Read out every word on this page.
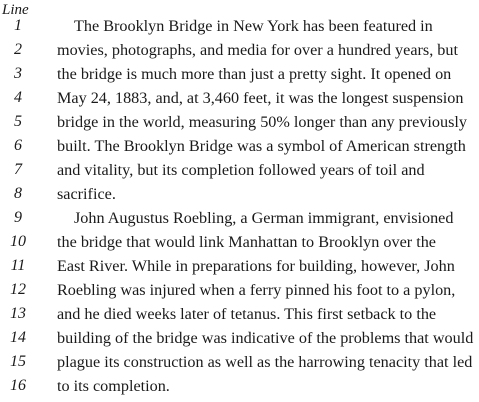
Line
1	The Brooklyn Bridge in New York has been featured in
2	movies, photographs, and media for over a hundred years, but
3	the bridge is much more than just a pretty sight. It opened on
4	May 24, 1883, and, at 3,460 feet, it was the longest suspension
5	bridge in the world, measuring 50% longer than any previously
6	built. The Brooklyn Bridge was a symbol of American strength
7	and vitality, but its completion followed years of toil and
8	sacrifice.
9	John Augustus Roebling, a German immigrant, envisioned
10	the bridge that would link Manhattan to Brooklyn over the
11	East River. While in preparations for building, however, John
12	Roebling was injured when a ferry pinned his foot to a pylon,
13	and he died weeks later of tetanus. This first setback to the
14	building of the bridge was indicative of the problems that would
15	plague its construction as well as the harrowing tenacity that led
16	to its completion.
